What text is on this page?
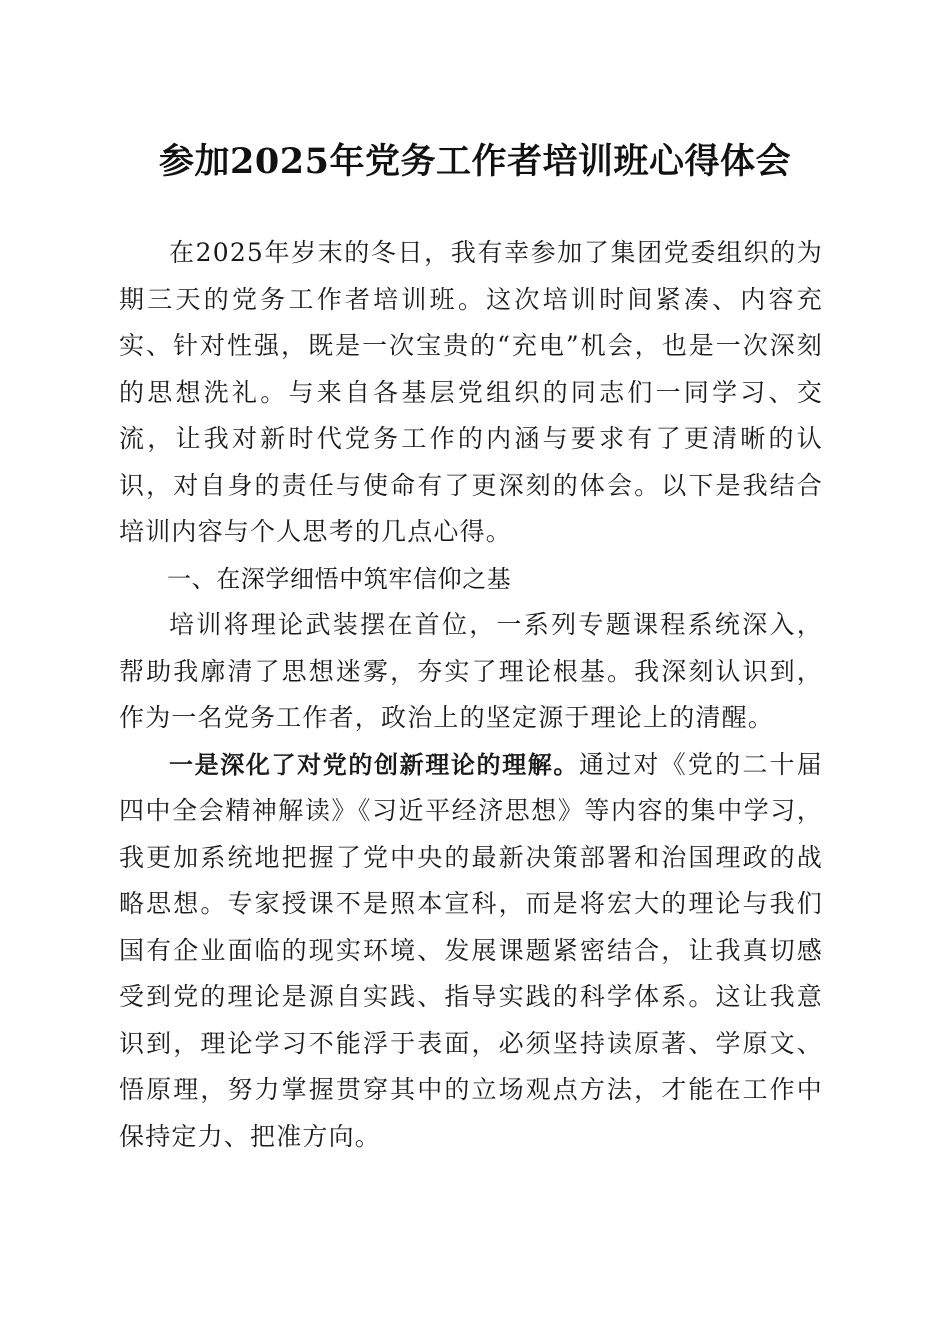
参加2025年党务工作者培训班心得体会

在2025年岁末的冬日，我有幸参加了集团党委组织的为期三天的党务工作者培训班。这次培训时间紧凑、内容充实、针对性强，既是一次宝贵的“充电”机会，也是一次深刻的思想洗礼。与来自各基层党组织的同志们一同学习、交流，让我对新时代党务工作的内涵与要求有了更清晰的认识，对自身的责任与使命有了更深刻的体会。以下是我结合培训内容与个人思考的几点心得。

一、在深学细悟中筑牢信仰之基

培训将理论武装摆在首位，一系列专题课程系统深入，帮助我廓清了思想迷雾，夯实了理论根基。我深刻认识到，作为一名党务工作者，政治上的坚定源于理论上的清醒。

一是深化了对党的创新理论的理解。通过对《党的二十届四中全会精神解读》《习近平经济思想》等内容的集中学习，我更加系统地把握了党中央的最新决策部署和治国理政的战略思想。专家授课不是照本宣科，而是将宏大的理论与我们国有企业面临的现实环境、发展课题紧密结合，让我真切感受到党的理论是源自实践、指导实践的科学体系。这让我意识到，理论学习不能浮于表面，必须坚持读原著、学原文、悟原理，努力掌握贯穿其中的立场观点方法，才能在工作中保持定力、把准方向。
